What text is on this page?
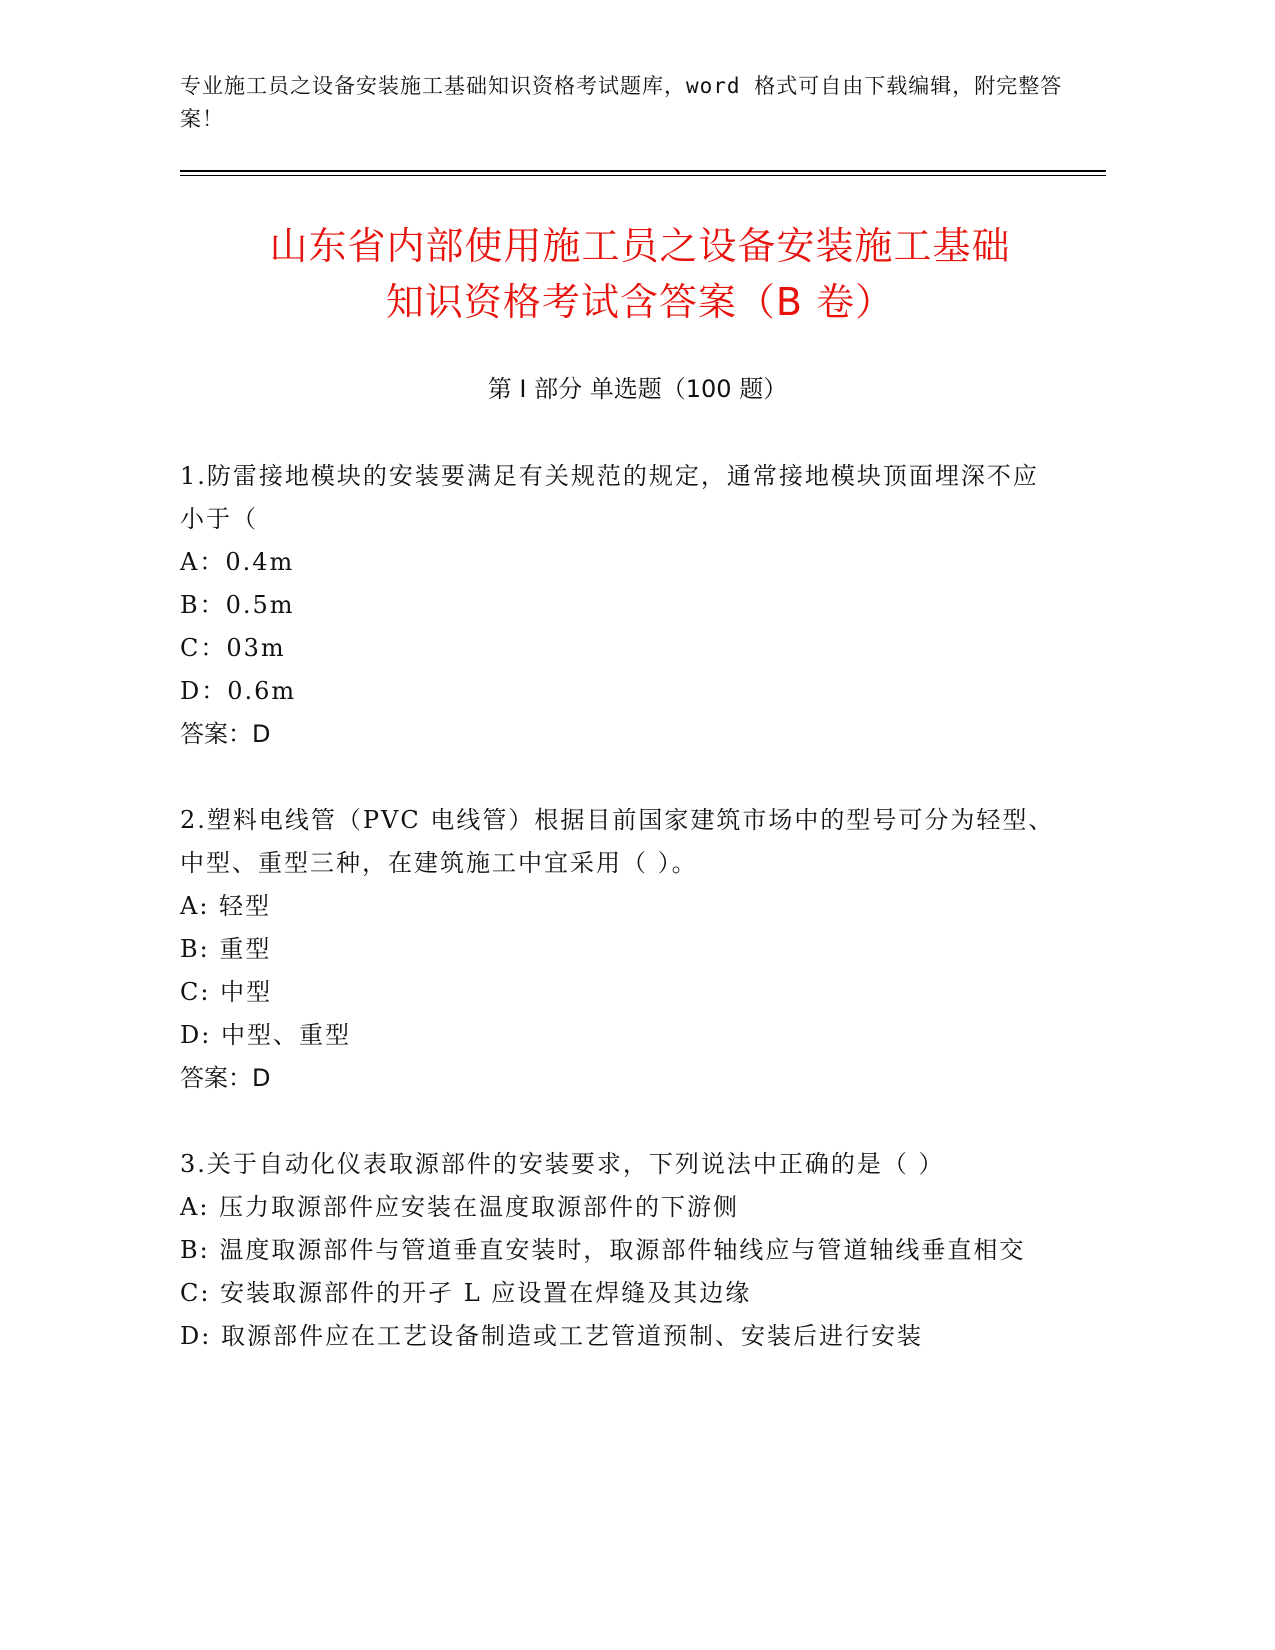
专业施工员之设备安装施工基础知识资格考试题库，word 格式可自由下载编辑，附完整答案！
山东省内部使用施工员之设备安装施工基础
知识资格考试含答案（B 卷）
第 I 部分 单选题（100 题）
1.防雷接地模块的安装要满足有关规范的规定，通常接地模块顶面埋深不应小于（
A：0.4m
B：0.5m
C：03m
D：0.6m
答案：D
2.塑料电线管（PVC 电线管）根据目前国家建筑市场中的型号可分为轻型、中型、重型三种，在建筑施工中宜采用（ ）。
A: 轻型
B: 重型
C: 中型
D: 中型、重型
答案：D
3.关于自动化仪表取源部件的安装要求，下列说法中正确的是（ ）
A: 压力取源部件应安装在温度取源部件的下游侧
B: 温度取源部件与管道垂直安装时，取源部件轴线应与管道轴线垂直相交
C: 安装取源部件的开孑 L 应设置在焊缝及其边缘
D: 取源部件应在工艺设备制造或工艺管道预制、安装后进行安装
